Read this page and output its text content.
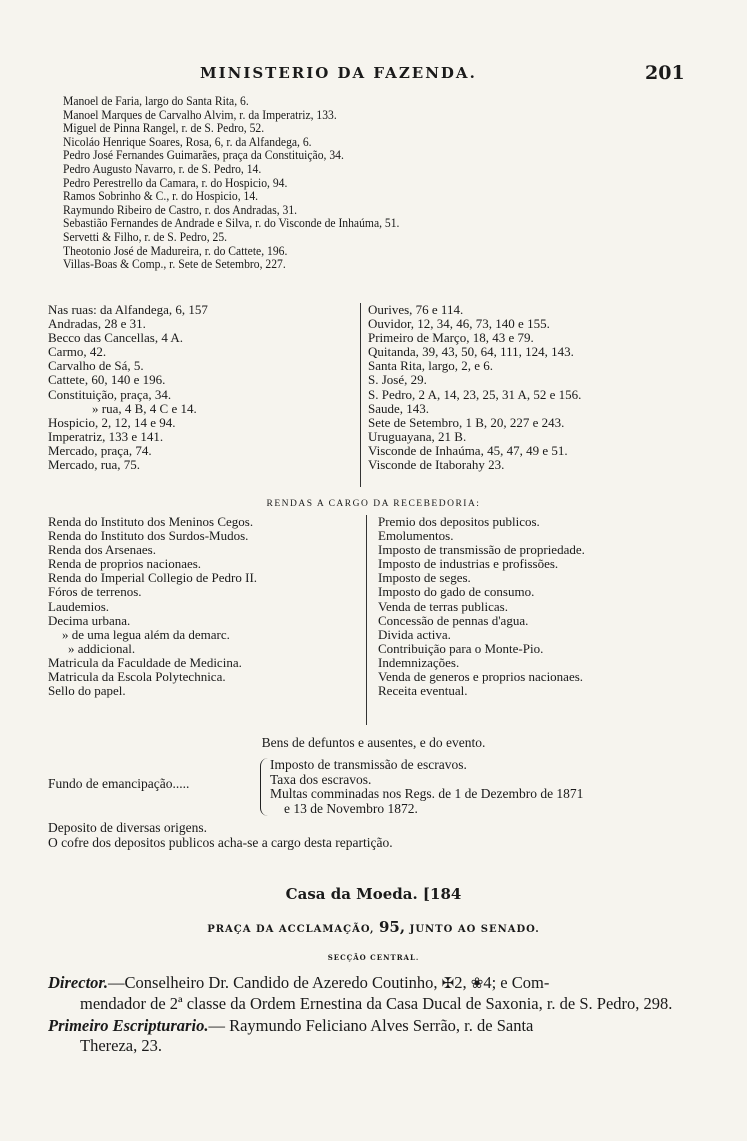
MINISTERIO DA FAZENDA.	201
Manoel de Faria, largo do Santa Rita, 6.
Manoel Marques de Carvalho Alvim, r. da Imperatriz, 133.
Miguel de Pinna Rangel, r. de S. Pedro, 52.
Nicoláo Henrique Soares, Rosa, 6, r. da Alfandega, 6.
Pedro José Fernandes Guimarães, praça da Constituição, 34.
Pedro Augusto Navarro, r. de S. Pedro, 14.
Pedro Perestrello da Camara, r. do Hospicio, 94.
Ramos Sobrinho & C., r. do Hospicio, 14.
Raymundo Ribeiro de Castro, r. dos Andradas, 31.
Sebastião Fernandes de Andrade e Silva, r. do Visconde de Inhaúma, 51.
Servetti & Filho, r. de S. Pedro, 25.
Theotonio José de Madureira, r. do Cattete, 196.
Villas-Boas & Comp., r. Sete de Setembro, 227.
Nas ruas: da Alfandega, 6, 157
Andradas, 28 e 31.
Becco das Cancellas, 4 A.
Carmo, 42.
Carvalho de Sá, 5.
Cattete, 60, 140 e 196.
Constituição, praça, 34.
» rua, 4 B, 4 C e 14.
Hospicio, 2, 12, 14 e 94.
Imperatriz, 133 e 141.
Mercado, praça, 74.
Mercado, rua, 75.
Ourives, 76 e 114.
Ouvidor, 12, 34, 46, 73, 140 e 155.
Primeiro de Março, 18, 43 e 79.
Quitanda, 39, 43, 50, 64, 111, 124, 143.
Santa Rita, largo, 2, e 6.
S. José, 29.
S. Pedro, 2 A, 14, 23, 25, 31 A, 52 e 156.
Saude, 143.
Sete de Setembro, 1 B, 20, 227 e 243.
Uruguayana, 21 B.
Visconde de Inhaúma, 45, 47, 49 e 51.
Visconde de Itaborahy 23.
RENDAS A CARGO DA RECEBEDORIA:
Renda do Instituto dos Meninos Cegos.
Renda do Instituto dos Surdos-Mudos.
Renda dos Arsenaes.
Renda de proprios nacionaes.
Renda do Imperial Collegio de Pedro II.
Fóros de terrenos.
Laudemios.
Decima urbana.
» de uma legua além da demarc.
» addicional.
Matricula da Faculdade de Medicina.
Matricula da Escola Polytechnica.
Sello do papel.
Premio dos depositos publicos.
Emolumentos.
Imposto de transmissão de propriedade.
Imposto de industrias e profissões.
Imposto de seges.
Imposto do gado de consumo.
Venda de terras publicas.
Concessão de pennas d'agua.
Divida activa.
Contribuição para o Monte-Pio.
Indemnizações.
Venda de generos e proprios nacionaes.
Receita eventual.
Bens de defuntos e ausentes, e do evento.
Fundo de emancipação.....
Imposto de transmissão de escravos.
Taxa dos escravos.
Multas comminadas nos Regs. de 1 de Dezembro de 1871
e 13 de Novembro 1872.
Deposito de diversas origens.
O cofre dos depositos publicos acha-se a cargo desta repartição.
Casa da Moeda. [184
PRAÇA DA ACCLAMAÇÃO, 95, JUNTO AO SENADO.
SECÇÃO CENTRAL.
Director.—Conselheiro Dr. Candido de Azeredo Coutinho, ✠2, ❀4; e Com-
mendador de 2ª classe da Ordem Ernestina da Casa Ducal de Saxonia, r. de S. Pedro, 298.
Primeiro Escripturario.— Raymundo Feliciano Alves Serrão, r. de Santa
Thereza, 23.
